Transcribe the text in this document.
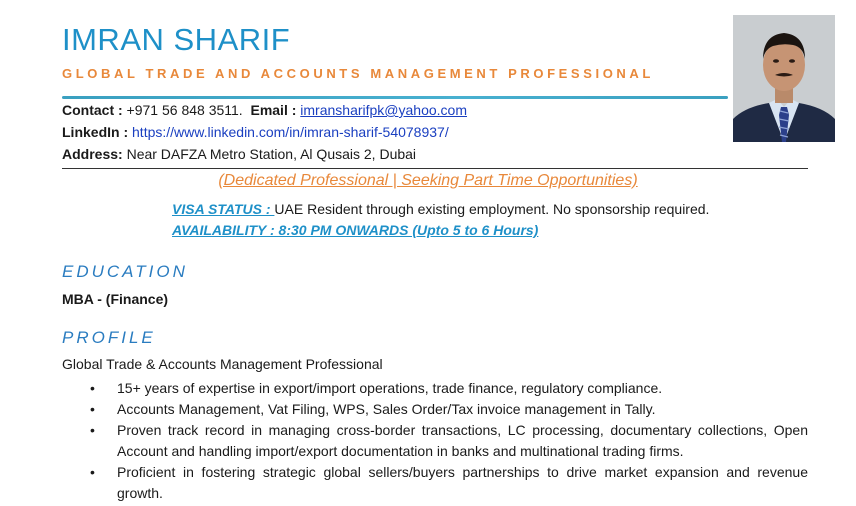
IMRAN SHARIF
GLOBAL TRADE AND ACCOUNTS MANAGEMENT PROFESSIONAL
Contact : +971 56 848 3511. Email : imransharifpk@yahoo.com
LinkedIn : https://www.linkedin.com/in/imran-sharif-54078937/
Address: Near DAFZA Metro Station, Al Qusais 2, Dubai
(Dedicated Professional | Seeking Part Time Opportunities)
VISA STATUS : UAE Resident through existing employment. No sponsorship required.
AVAILABILITY : 8:30 PM ONWARDS (Upto 5 to 6 Hours)
EDUCATION
MBA - (Finance)
PROFILE
Global Trade & Accounts Management Professional
• 15+ years of expertise in export/import operations, trade finance, regulatory compliance.
• Accounts Management, Vat Filing, WPS, Sales Order/Tax invoice management in Tally.
• Proven track record in managing cross-border transactions, LC processing, documentary collections, Open Account and handling import/export documentation in banks and multinational trading firms.
• Proficient in fostering strategic global sellers/buyers partnerships to drive market expansion and revenue growth.
